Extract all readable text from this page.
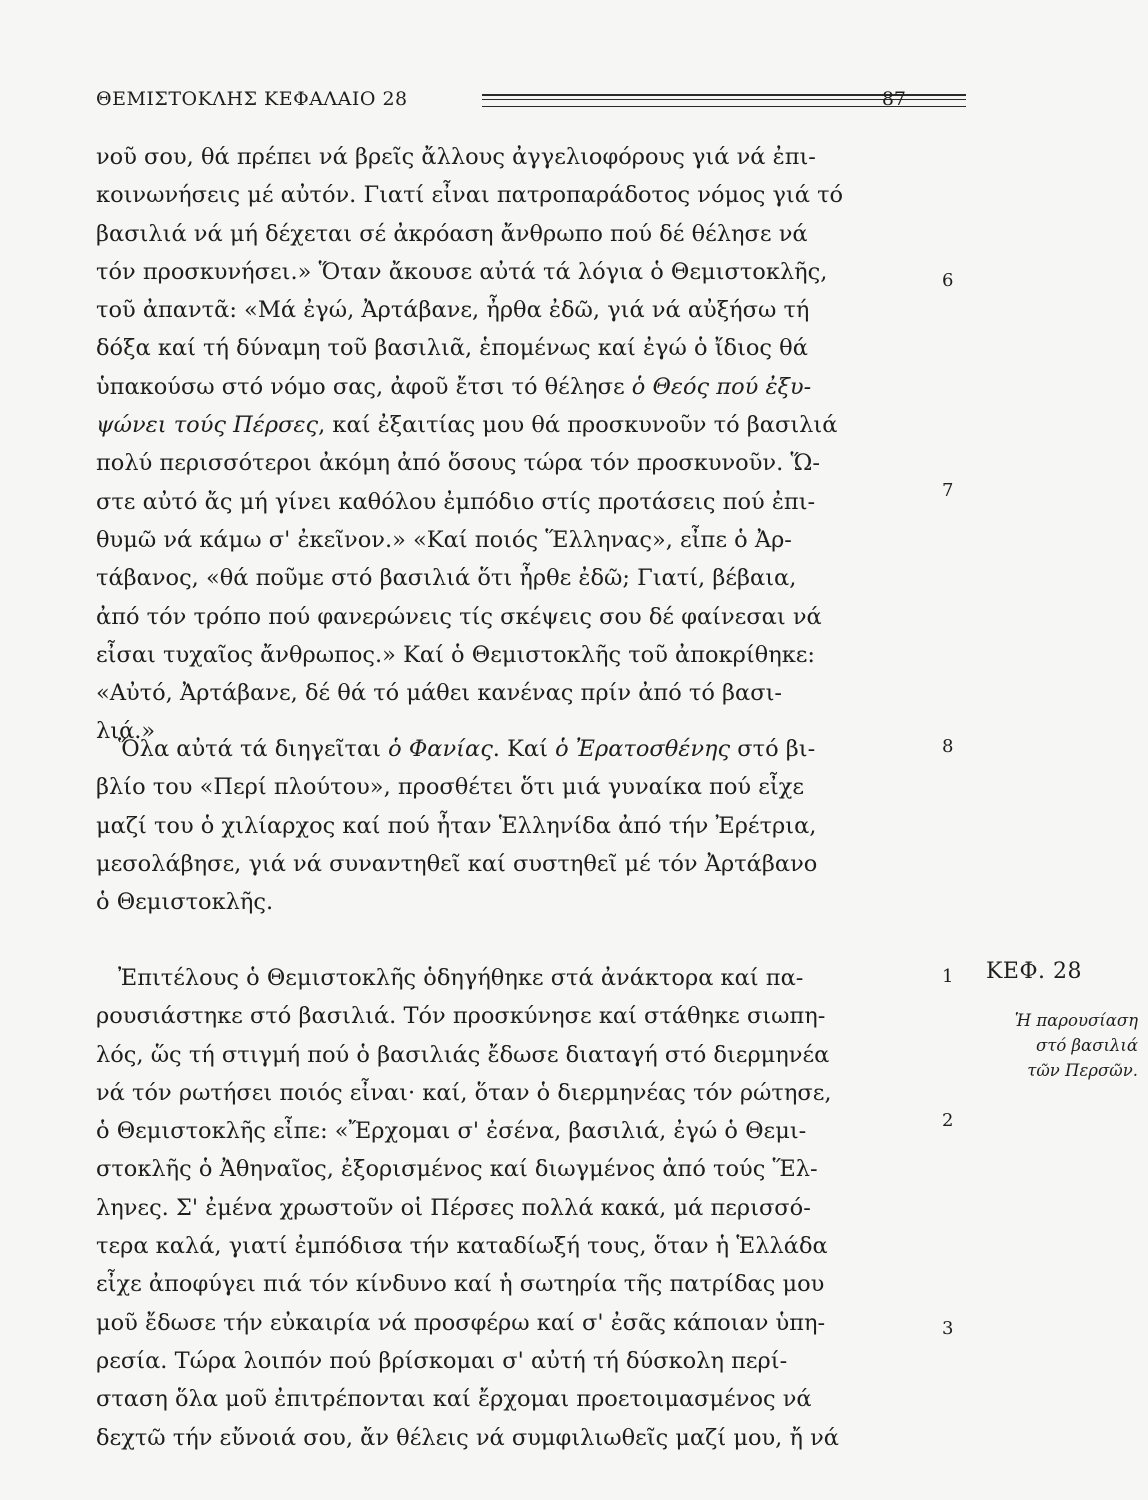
ΘΕΜΙΣΤΟΚΛΗΣ ΚΕΦΑΛΑΙΟ 28	87
νοῦ σου, θά πρέπει νά βρεῖς ἄλλους ἀγγελιοφόρους γιά νά ἐπι-
κοινωνήσεις μέ αὐτόν. Γιατί εἶναι πατροπαράδοτος νόμος γιά τό
βασιλιά νά μή δέχεται σέ ἀκρόαση ἄνθρωπο πού δέ θέλησε νά
τόν προσκυνήσει.» Ὅταν ἄκουσε αὐτά τά λόγια ὁ Θεμιστοκλῆς,
τοῦ ἀπαντᾶ: «Μά ἐγώ, Ἀρτάβανε, ἦρθα ἐδῶ, γιά νά αὐξήσω τή
δόξα καί τή δύναμη τοῦ βασιλιᾶ, ἑπομένως καί ἐγώ ὁ ἴδιος θά
ὑπακούσω στό νόμο σας, ἀφοῦ ἔτσι τό θέλησε ὁ Θεός πού ἐξυ-
ψώνει τούς Πέρσες, καί ἐξαιτίας μου θά προσκυνοῦν τό βασιλιά
πολύ περισσότεροι ἀκόμη ἀπό ὅσους τώρα τόν προσκυνοῦν. Ὥ-
στε αὐτό ἄς μή γίνει καθόλου ἐμπόδιο στίς προτάσεις πού ἐπι-
θυμῶ νά κάμω σ' ἐκεῖνον.» «Καί ποιός Ἕλληνας», εἶπε ὁ Ἀρ-
τάβανος, «θά ποῦμε στό βασιλιά ὅτι ἦρθε ἐδῶ; Γιατί, βέβαια,
ἀπό τόν τρόπο πού φανερώνεις τίς σκέψεις σου δέ φαίνεσαι νά
εἶσαι τυχαῖος ἄνθρωπος.» Καί ὁ Θεμιστοκλῆς τοῦ ἀποκρίθηκε:
«Αὐτό, Ἀρτάβανε, δέ θά τό μάθει κανένας πρίν ἀπό τό βασι-
λιά.»
Ὅλα αὐτά τά διηγεῖται ὁ Φανίας. Καί ὁ Ἐρατοσθένης στό βι-
βλίο του «Περί πλούτου», προσθέτει ὅτι μιά γυναίκα πού εἶχε
μαζί του ὁ χιλίαρχος καί πού ἦταν Ἑλληνίδα ἀπό τήν Ἐρέτρια,
μεσολάβησε, γιά νά συναντηθεῖ καί συστηθεῖ μέ τόν Ἀρτάβανο
ὁ Θεμιστοκλῆς.
Ἐπιτέλους ὁ Θεμιστοκλῆς ὁδηγήθηκε στά ἀνάκτορα καί πα-
ρουσιάστηκε στό βασιλιά. Τόν προσκύνησε καί στάθηκε σιωπη-
λός, ὥς τή στιγμή πού ὁ βασιλιάς ἔδωσε διαταγή στό διερμηνέα
νά τόν ρωτήσει ποιός εἶναι· καί, ὅταν ὁ διερμηνέας τόν ρώτησε,
ὁ Θεμιστοκλῆς εἶπε: «Ἔρχομαι σ' ἐσένα, βασιλιά, ἐγώ ὁ Θεμι-
στοκλῆς ὁ Ἀθηναῖος, ἐξορισμένος καί διωγμένος ἀπό τούς Ἕλ-
ληνες. Σ' ἐμένα χρωστοῦν οἱ Πέρσες πολλά κακά, μά περισσό-
τερα καλά, γιατί ἐμπόδισα τήν καταδίωξή τους, ὅταν ἡ Ἑλλάδα
εἶχε ἀποφύγει πιά τόν κίνδυνο καί ἡ σωτηρία τῆς πατρίδας μου
μοῦ ἔδωσε τήν εὐκαιρία νά προσφέρω καί σ' ἐσᾶς κάποιαν ὑπη-
ρεσία. Τώρα λοιπόν πού βρίσκομαι σ' αὐτή τή δύσκολη περί-
σταση ὅλα μοῦ ἐπιτρέπονται καί ἔρχομαι προετοιμασμένος νά
δεχτῶ τήν εὔνοιά σου, ἄν θέλεις νά συμφιλιωθεῖς μαζί μου, ἤ νά
6
7
8
1
2
3
ΚΕΦ. 28
Ἡ παρουσίαση
στό βασιλιά
τῶν Περσῶν.
